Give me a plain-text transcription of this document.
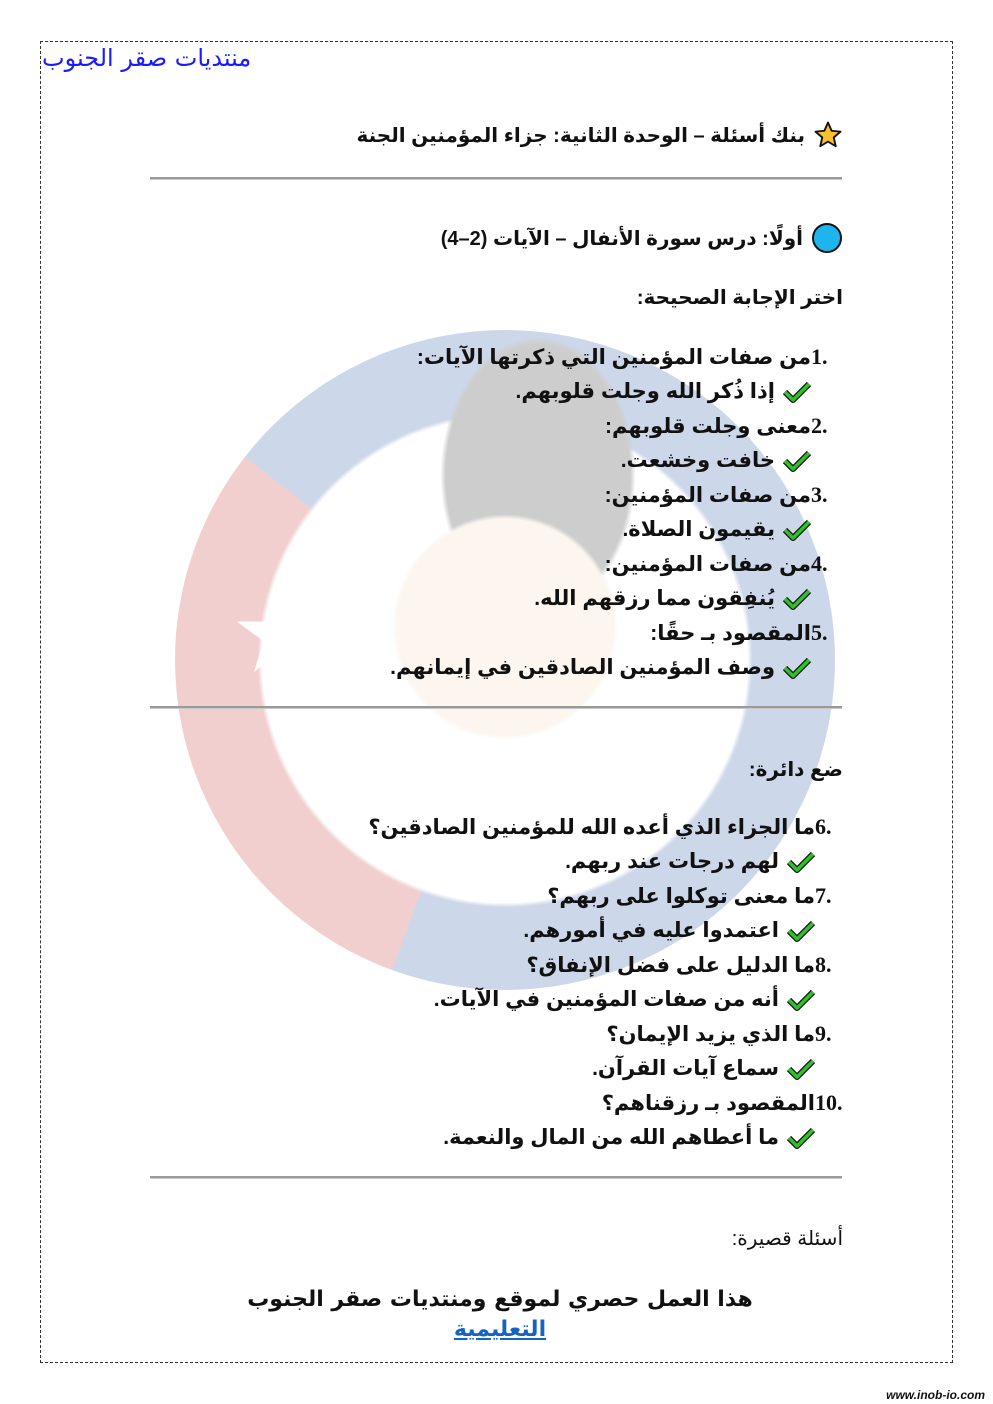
منتديات صقر الجنوب
بنك أسئلة – الوحدة الثانية: جزاء المؤمنين الجنة
أولًا: درس سورة الأنفال – الآيات (2–4)
اختر الإجابة الصحيحة:
1.
من صفات المؤمنين التي ذكرتها الآيات:
إذا ذُكر الله وجلت قلوبهم.
2.
معنى وجلت قلوبهم:
خافت وخشعت.
3.
من صفات المؤمنين:
يقيمون الصلاة.
4.
من صفات المؤمنين:
يُنفِقون مما رزقهم الله.
5.
المقصود بـ حقًا:
وصف المؤمنين الصادقين في إيمانهم.
ضع دائرة:
6.
ما الجزاء الذي أعده الله للمؤمنين الصادقين؟
لهم درجات عند ربهم.
7.
ما معنى توكلوا على ربهم؟
اعتمدوا عليه في أمورهم.
8.
ما الدليل على فضل الإنفاق؟
أنه من صفات المؤمنين في الآيات.
9.
ما الذي يزيد الإيمان؟
سماع آيات القرآن.
10.
المقصود بـ رزقناهم؟
ما أعطاهم الله من المال والنعمة.
أسئلة قصيرة:
هذا العمل حصري لموقع ومنتديات صقر الجنوب
التعليمية
www.inob-io.com
